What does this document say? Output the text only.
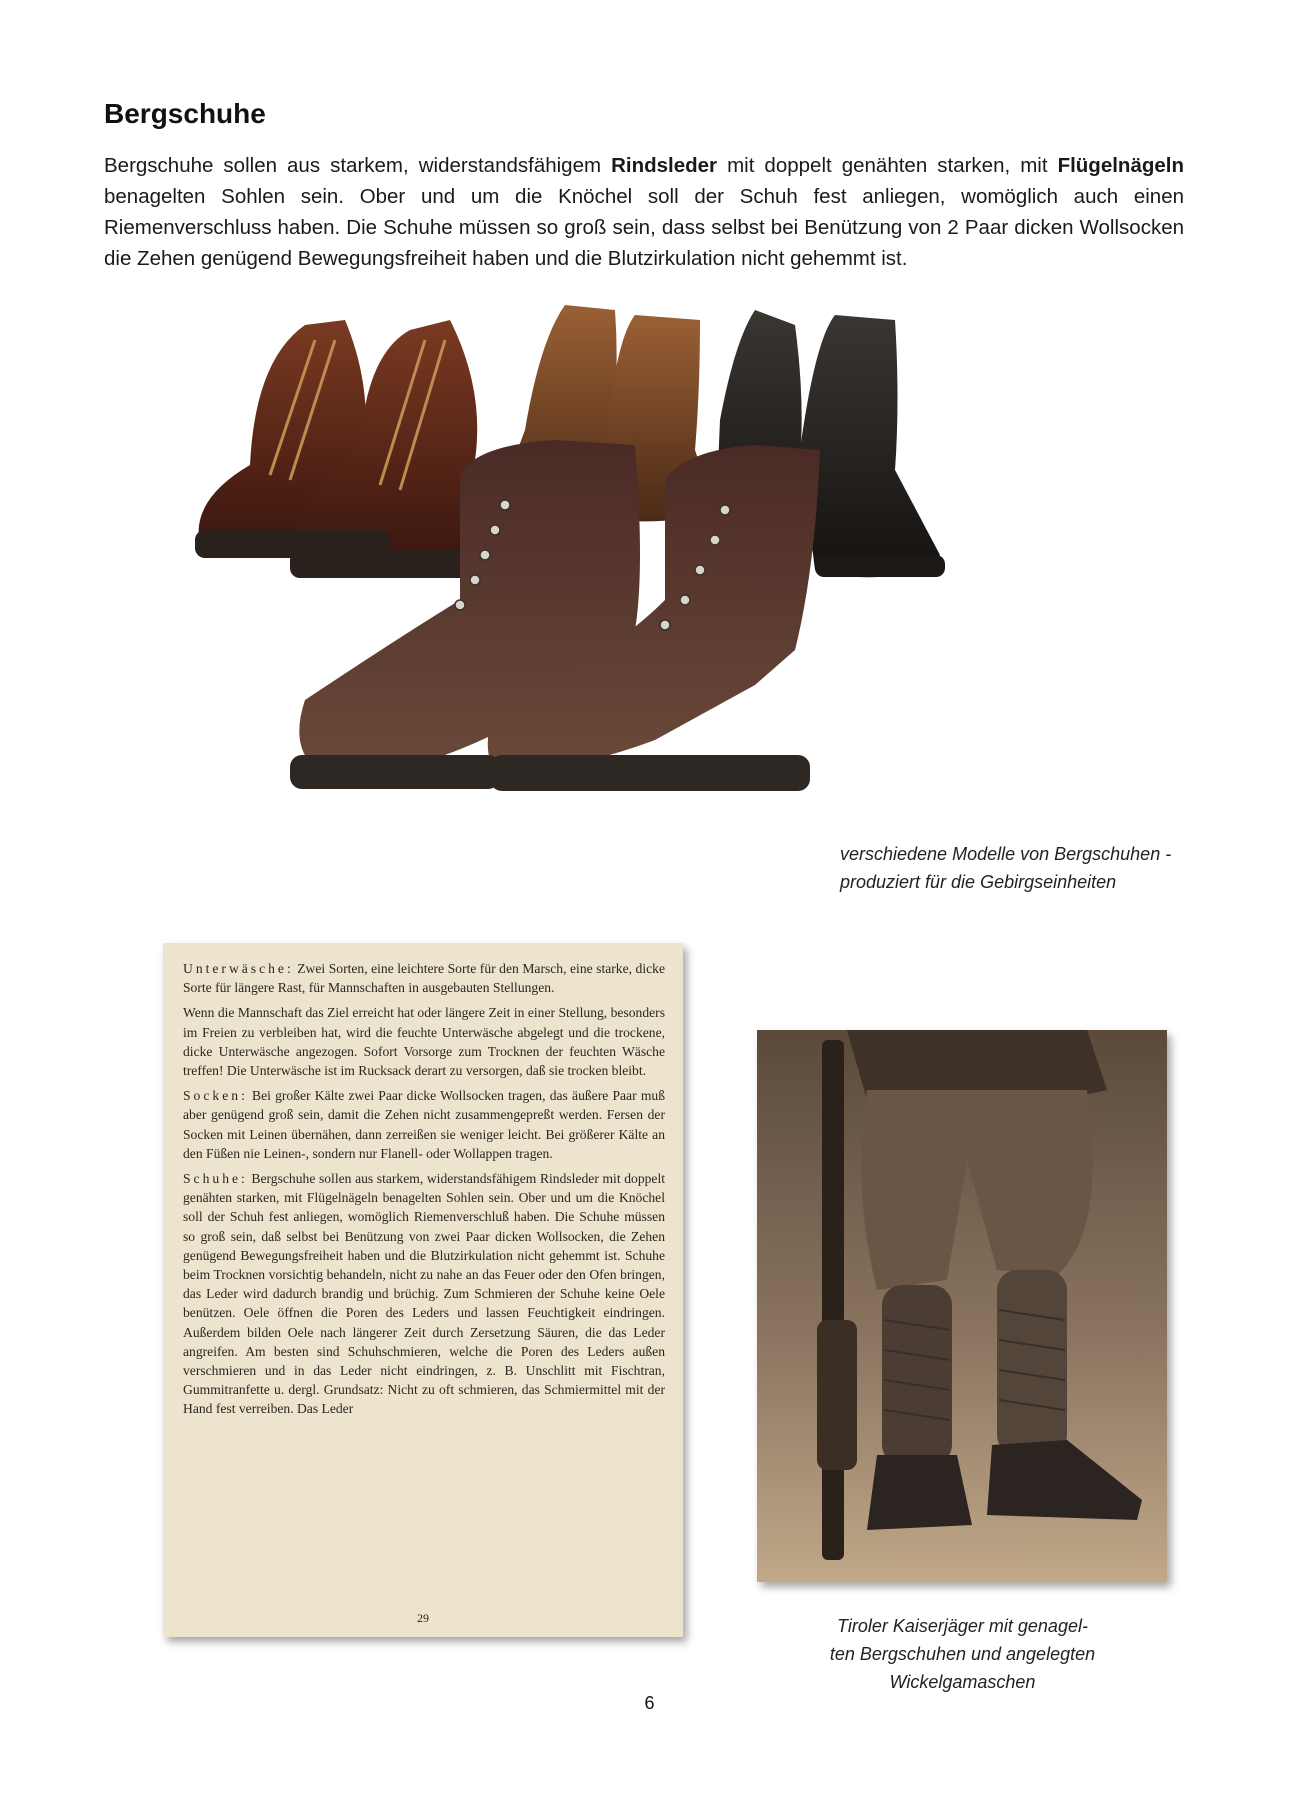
Bergschuhe

Bergschuhe sollen aus starkem, widerstandsfähigem Rindsleder mit doppelt genähten starken, mit Flügelnägeln benagelten Sohlen sein. Ober und um die Knöchel soll der Schuh fest anliegen, womöglich auch einen Riemenverschluss haben. Die Schuhe müssen so groß sein, dass selbst bei Benützung von 2 Paar dicken Wollsocken die Zehen genügend Bewegungsfreiheit haben und die Blutzirkulation nicht gehemmt ist.

verschiedene Modelle von Bergschuhen -
produziert für die Gebirgseinheiten

Unterwäsche: Zwei Sorten, eine leichtere Sorte für den Marsch, eine starke, dicke Sorte für längere Rast, für Mannschaften in ausgebauten Stellungen.

Wenn die Mannschaft das Ziel erreicht hat oder längere Zeit in einer Stellung, besonders im Freien zu verbleiben hat, wird die feuchte Unterwäsche abgelegt und die trockene, dicke Unterwäsche angezogen. Sofort Vorsorge zum Trocknen der feuchten Wäsche treffen! Die Unterwäsche ist im Rucksack derart zu versorgen, daß sie trocken bleibt.

Socken: Bei großer Kälte zwei Paar dicke Wollsocken tragen, das äußere Paar muß aber genügend groß sein, damit die Zehen nicht zusammengepreßt werden. Fersen der Socken mit Leinen übernähen, dann zerreißen sie weniger leicht. Bei größerer Kälte an den Füßen nie Leinen-, sondern nur Flanell- oder Wollappen tragen.

Schuhe: Bergschuhe sollen aus starkem, widerstandsfähigem Rindsleder mit doppelt genähten starken, mit Flügelnägeln benagelten Sohlen sein. Ober und um die Knöchel soll der Schuh fest anliegen, womöglich Riemenverschluß haben. Die Schuhe müssen so groß sein, daß selbst bei Benützung von zwei Paar dicken Wollsocken, die Zehen genügend Bewegungsfreiheit haben und die Blutzirkulation nicht gehemmt ist. Schuhe beim Trocknen vorsichtig behandeln, nicht zu nahe an das Feuer oder den Ofen bringen, das Leder wird dadurch brandig und brüchig. Zum Schmieren der Schuhe keine Oele benützen. Oele öffnen die Poren des Leders und lassen Feuchtigkeit eindringen. Außerdem bilden Oele nach längerer Zeit durch Zersetzung Säuren, die das Leder angreifen. Am besten sind Schuhschmieren, welche die Poren des Leders außen verschmieren und in das Leder nicht eindringen, z. B. Unschlitt mit Fischtran, Gummitranfette u. dergl. Grundsatz: Nicht zu oft schmieren, das Schmiermittel mit der Hand fest verreiben. Das Leder

29	Tiroler Kaiserjäger mit genagel-
ten Bergschuhen und angelegten
Wickelgamaschen
6
